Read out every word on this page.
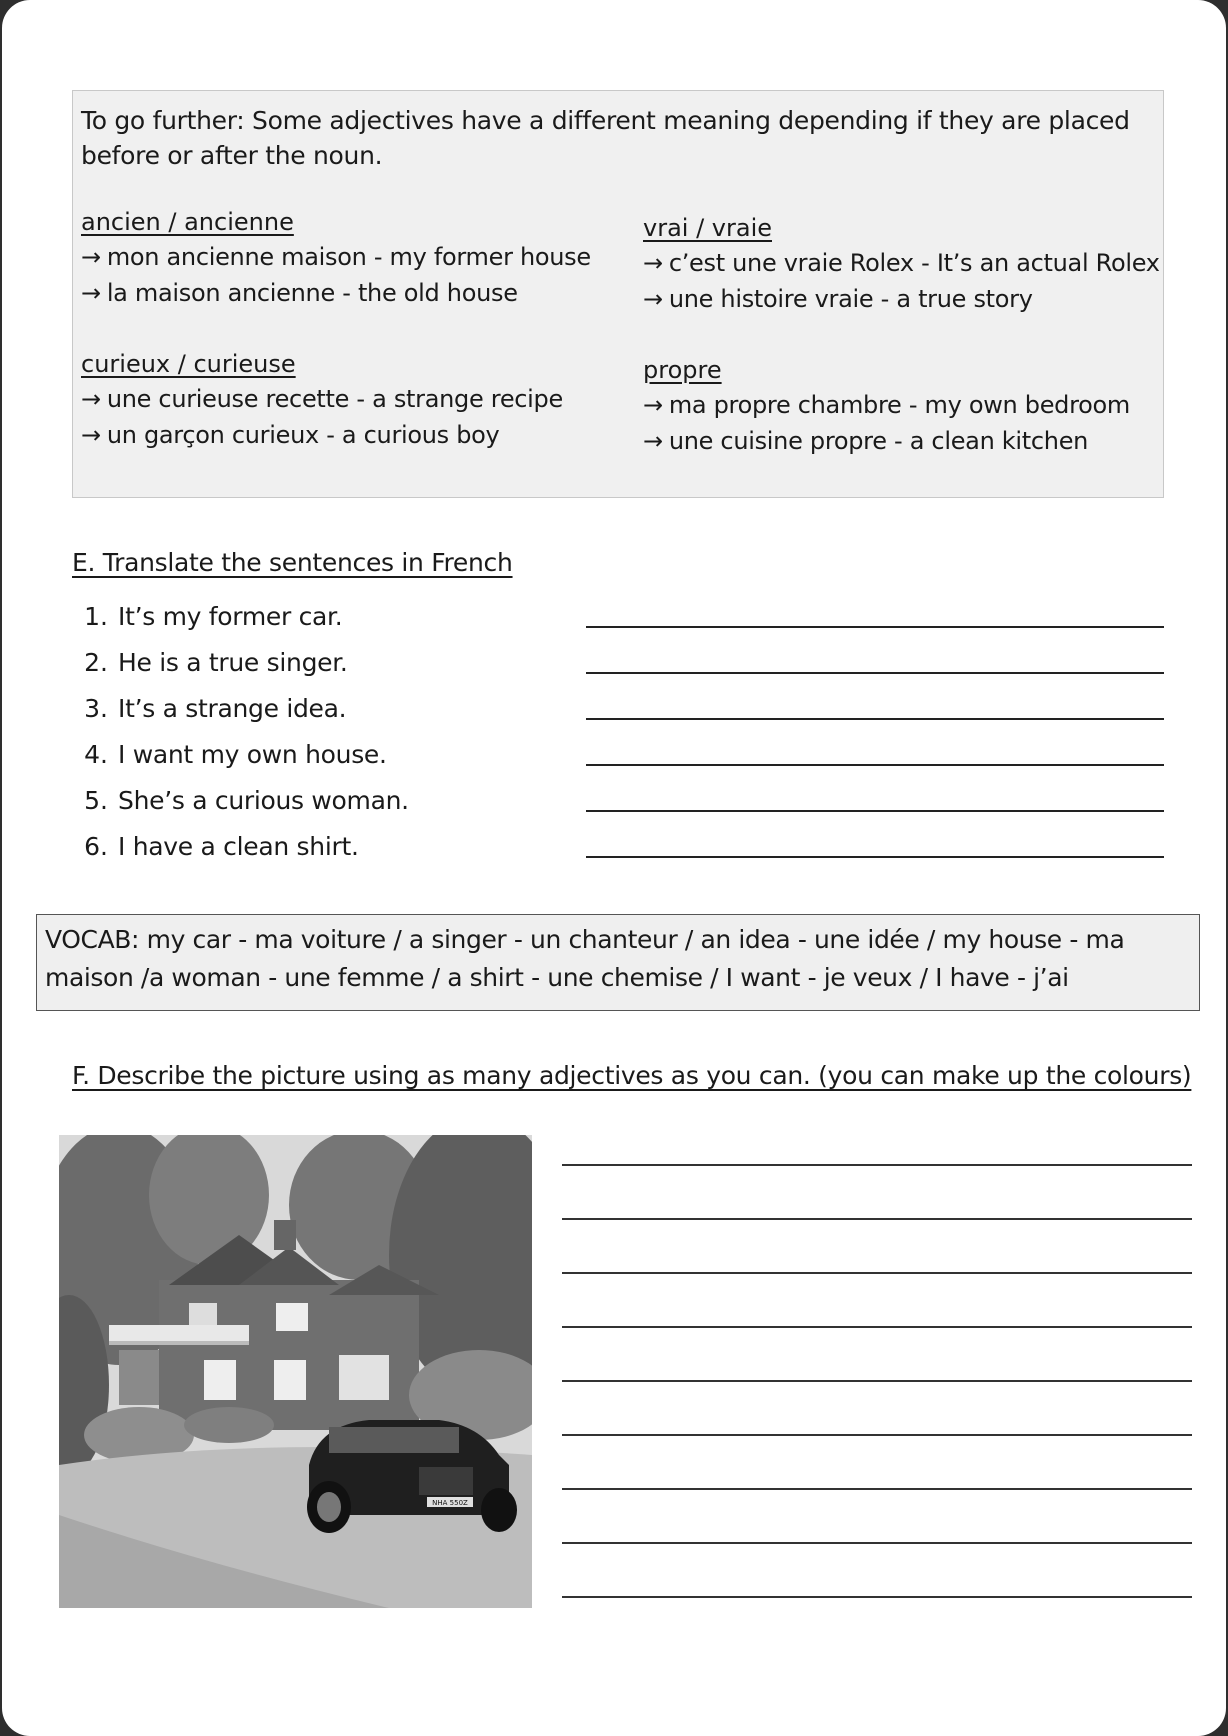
To go further: Some adjectives have a different meaning depending if they are placed before or after the noun.
ancien / ancienne
→ mon ancienne maison - my former house
→ la maison ancienne - the old house
curieux / curieuse
→ une curieuse recette - a strange recipe
→ un garçon curieux - a curious boy
vrai / vraie
→ c’est une vraie Rolex - It’s an actual Rolex
→ une histoire vraie - a true story
propre
→ ma propre chambre - my own bedroom
→ une cuisine propre - a clean kitchen
E. Translate the sentences in French
1. It’s my former car.
2. He is a true singer.
3. It’s a strange idea.
4. I want my own house.
5. She’s a curious woman.
6. I have a clean shirt.
VOCAB: my car - ma voiture / a singer - un chanteur / an idea - une idée / my house - ma maison /a woman - une femme / a shirt - une chemise / I want - je veux / I have - j’ai
F. Describe the picture using as many adjectives as you can. (you can make up the colours)
NHA 550Z
